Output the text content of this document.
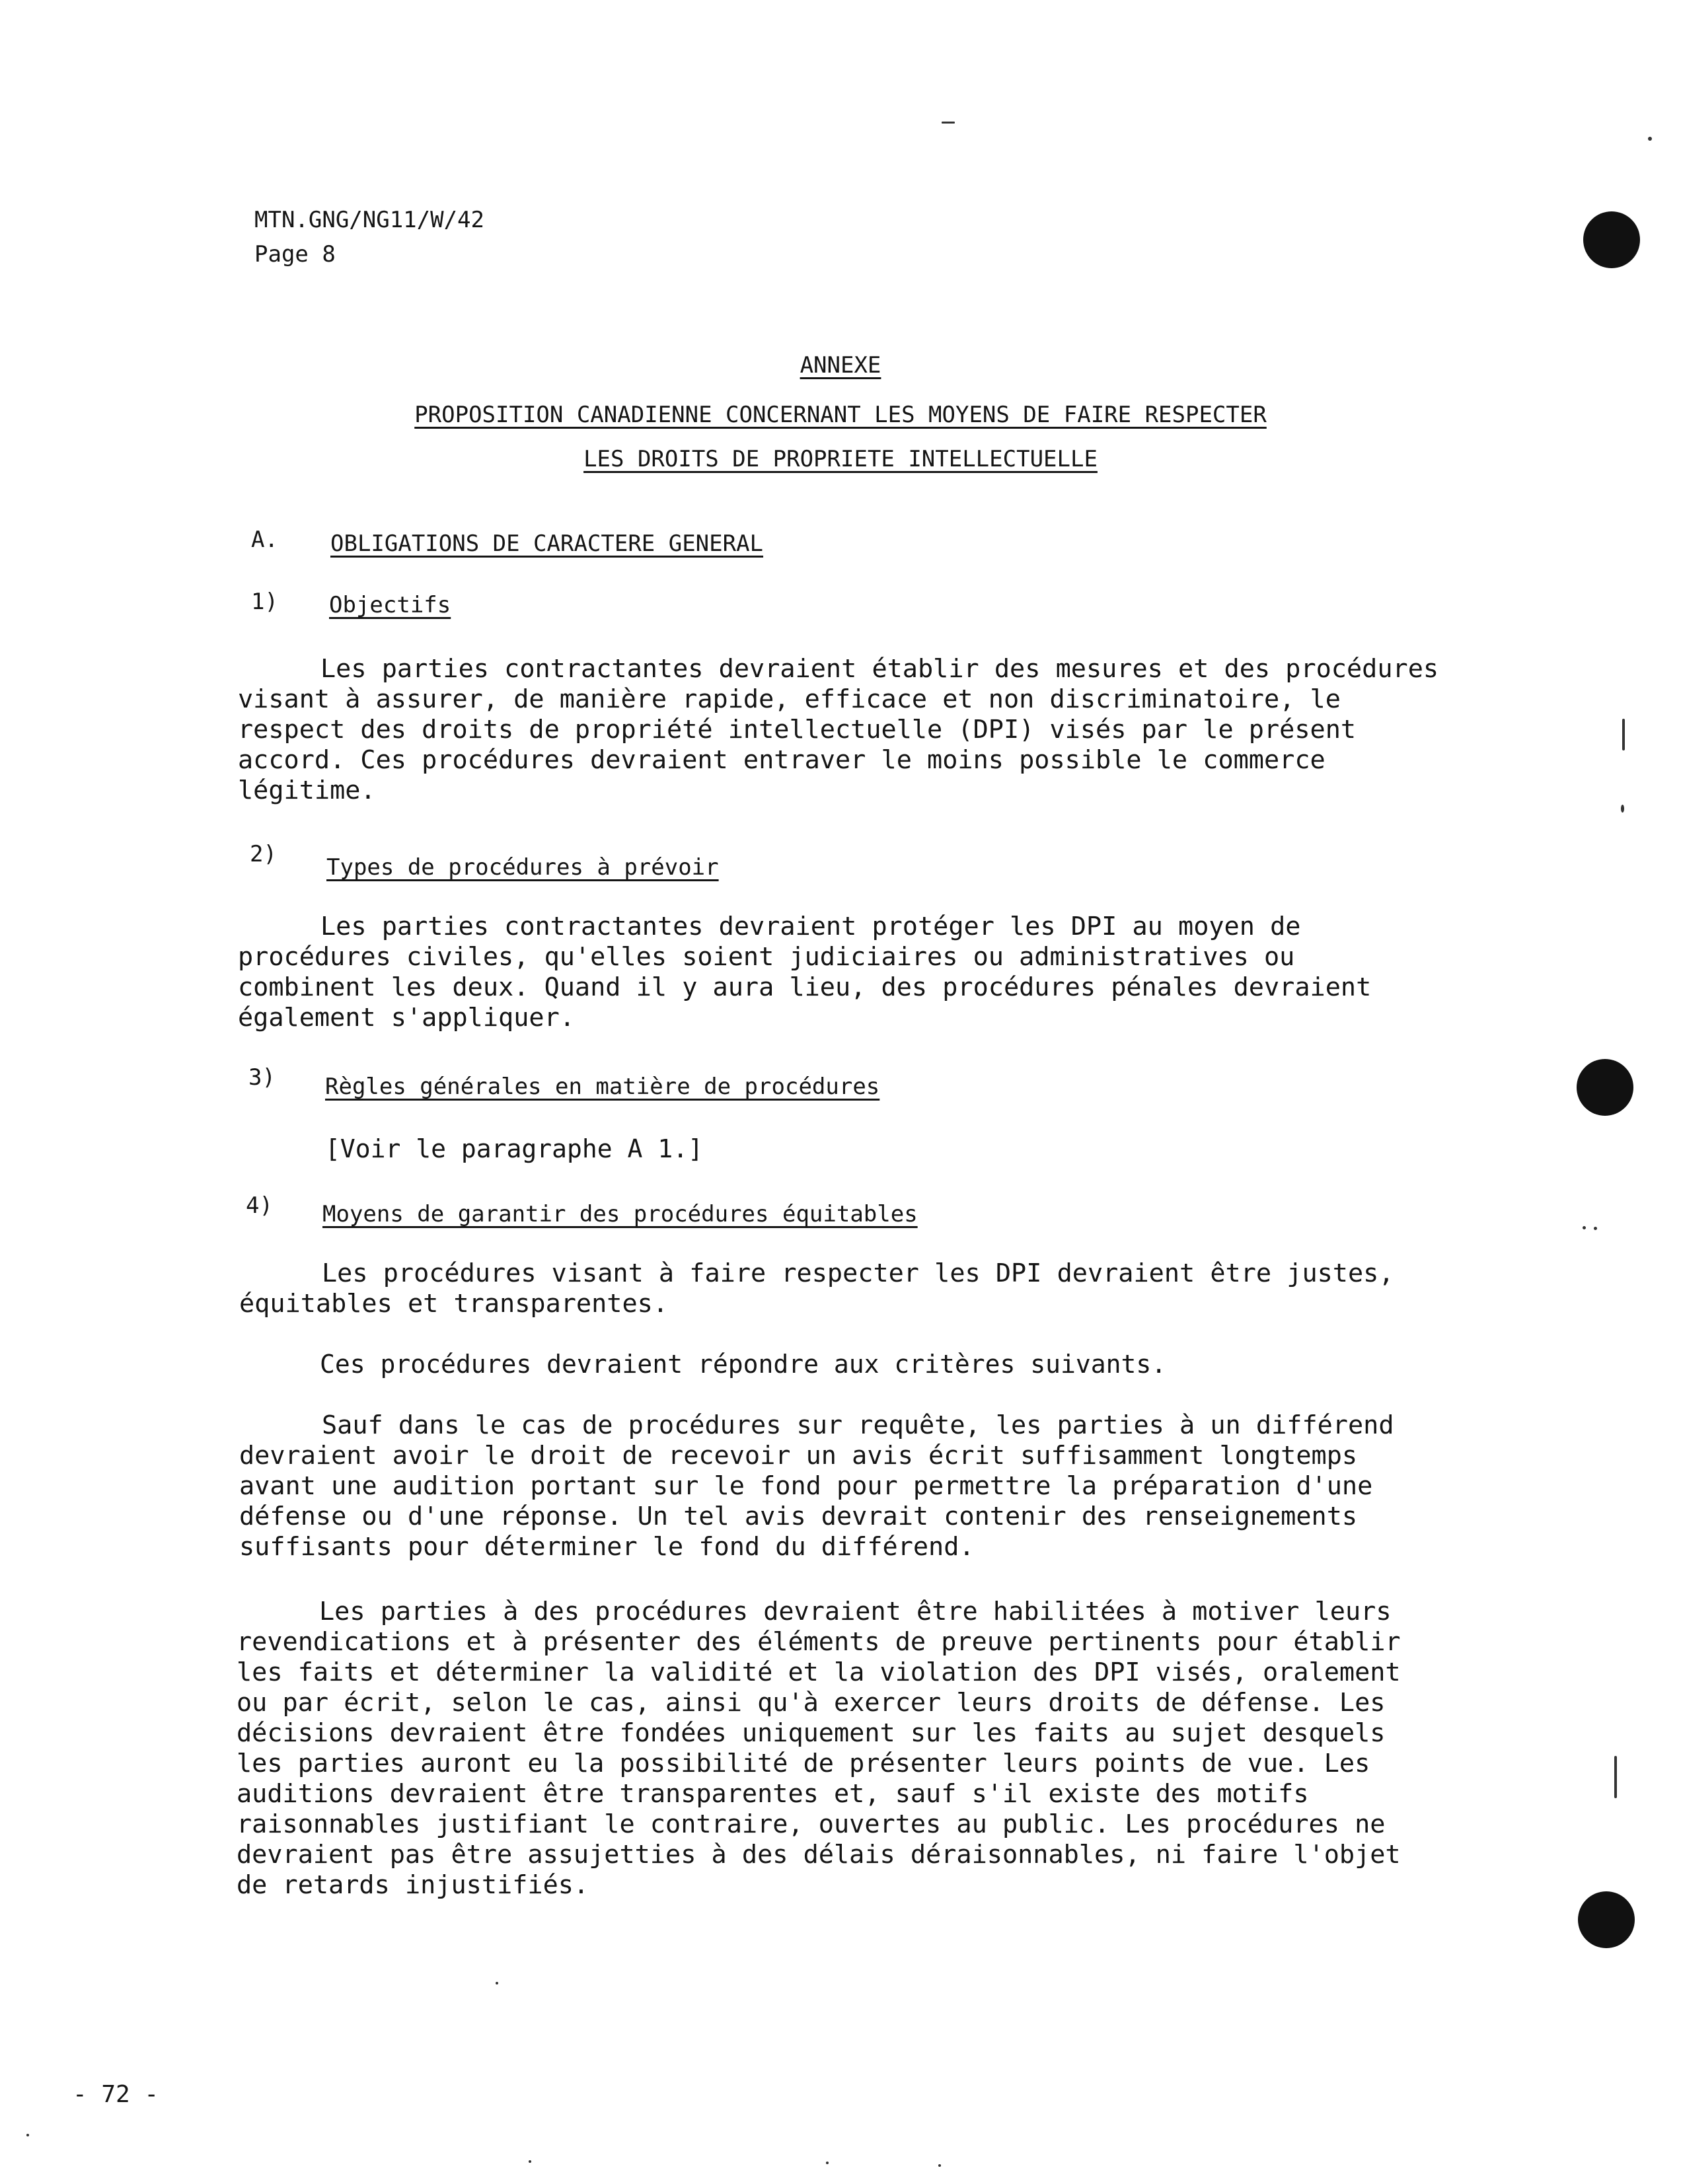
MTN.GNG/NG11/W/42
Page 8
ANNEXE
PROPOSITION CANADIENNE CONCERNANT LES MOYENS DE FAIRE RESPECTER
LES DROITS DE PROPRIETE INTELLECTUELLE
A. OBLIGATIONS DE CARACTERE GENERAL
1) Objectifs
Les parties contractantes devraient établir des mesures et des procédures visant à assurer, de manière rapide, efficace et non discriminatoire, le respect des droits de propriété intellectuelle (DPI) visés par le présent accord. Ces procédures devraient entraver le moins possible le commerce légitime.
2) Types de procédures à prévoir
Les parties contractantes devraient protéger les DPI au moyen de procédures civiles, qu'elles soient judiciaires ou administratives ou combinent les deux. Quand il y aura lieu, des procédures pénales devraient également s'appliquer.
3) Règles générales en matière de procédures
[Voir le paragraphe A 1.]
4) Moyens de garantir des procédures équitables
Les procédures visant à faire respecter les DPI devraient être justes, équitables et transparentes.
Ces procédures devraient répondre aux critères suivants.
Sauf dans le cas de procédures sur requête, les parties à un différend devraient avoir le droit de recevoir un avis écrit suffisamment longtemps avant une audition portant sur le fond pour permettre la préparation d'une défense ou d'une réponse. Un tel avis devrait contenir des renseignements suffisants pour déterminer le fond du différend.
Les parties à des procédures devraient être habilitées à motiver leurs revendications et à présenter des éléments de preuve pertinents pour établir les faits et déterminer la validité et la violation des DPI visés, oralement ou par écrit, selon le cas, ainsi qu'à exercer leurs droits de défense. Les décisions devraient être fondées uniquement sur les faits au sujet desquels les parties auront eu la possibilité de présenter leurs points de vue. Les auditions devraient être transparentes et, sauf s'il existe des motifs raisonnables justifiant le contraire, ouvertes au public. Les procédures ne devraient pas être assujetties à des délais déraisonnables, ni faire l'objet de retards injustifiés.
- 72 -
